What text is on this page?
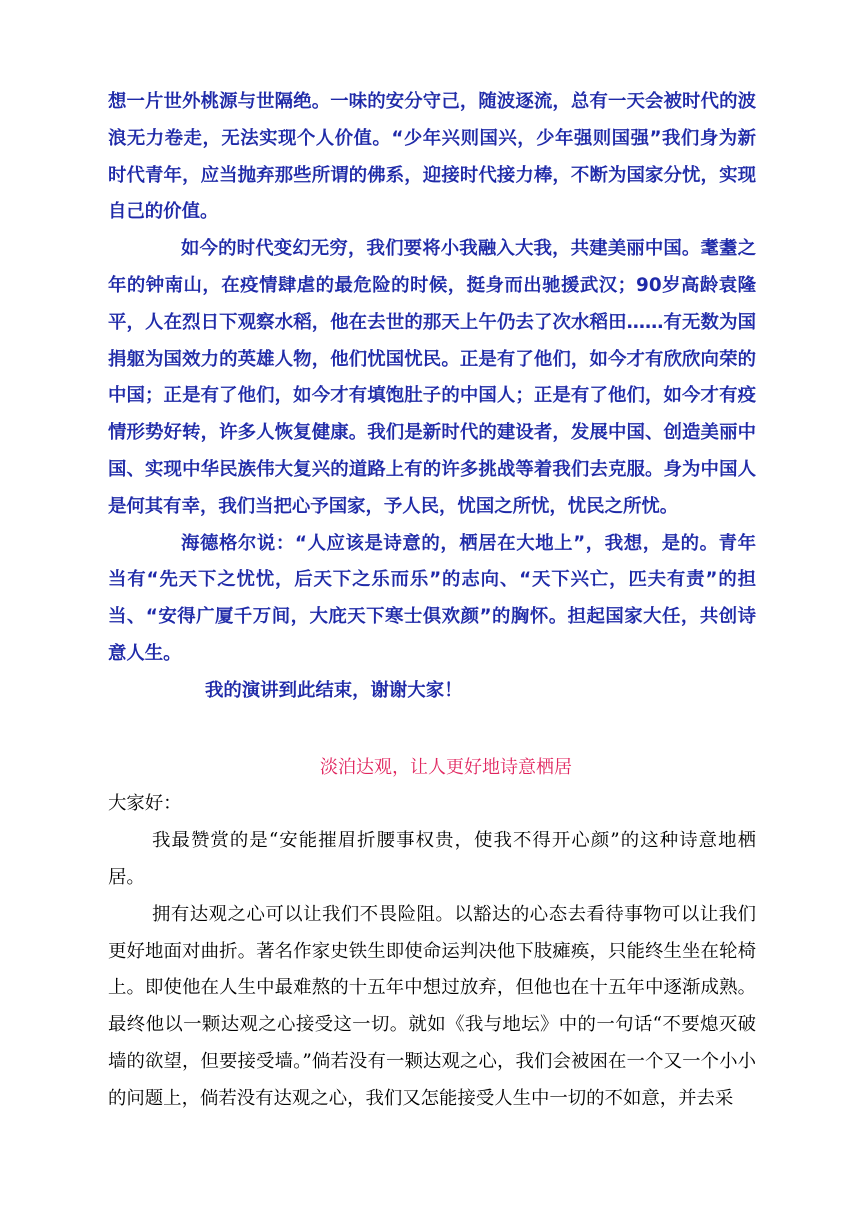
想一片世外桃源与世隔绝。一味的安分守己，随波逐流，总有一天会被时代的波浪无力卷走，无法实现个人价值。“少年兴则国兴，少年强则国强”我们身为新时代青年，应当抛弃那些所谓的佛系，迎接时代接力棒，不断为国家分忧，实现自己的价值。

如今的时代变幻无穷，我们要将小我融入大我，共建美丽中国。耄耋之年的钟南山，在疫情肆虐的最危险的时候，挺身而出驰援武汉；90岁高龄袁隆平，人在烈日下观察水稻，他在去世的那天上午仍去了次水稻田……有无数为国捐躯为国效力的英雄人物，他们忧国忧民。正是有了他们，如今才有欣欣向荣的中国；正是有了他们，如今才有填饱肚子的中国人；正是有了他们，如今才有疫情形势好转，许多人恢复健康。我们是新时代的建设者，发展中国、创造美丽中国、实现中华民族伟大复兴的道路上有的许多挑战等着我们去克服。身为中国人是何其有幸，我们当把心予国家，予人民，忧国之所忧，忧民之所忧。

海德格尔说：“人应该是诗意的，栖居在大地上”，我想，是的。青年当有“先天下之忧忧，后天下之乐而乐”的志向、“天下兴亡，匹夫有责”的担当、“安得广厦千万间，大庇天下寒士俱欢颜”的胸怀。担起国家大任，共创诗意人生。

我的演讲到此结束，谢谢大家！

淡泊达观，让人更好地诗意栖居

大家好：

我最赞赏的是“安能摧眉折腰事权贵，使我不得开心颜”的这种诗意地栖居。

拥有达观之心可以让我们不畏险阻。以豁达的心态去看待事物可以让我们更好地面对曲折。著名作家史铁生即使命运判决他下肢瘫痪，只能终生坐在轮椅上。即使他在人生中最难熬的十五年中想过放弃，但他也在十五年中逐渐成熟。最终他以一颗达观之心接受这一切。就如《我与地坛》中的一句话“不要熄灭破墙的欲望，但要接受墙。”倘若没有一颗达观之心，我们会被困在一个又一个小小的问题上，倘若没有达观之心，我们又怎能接受人生中一切的不如意，并去采
